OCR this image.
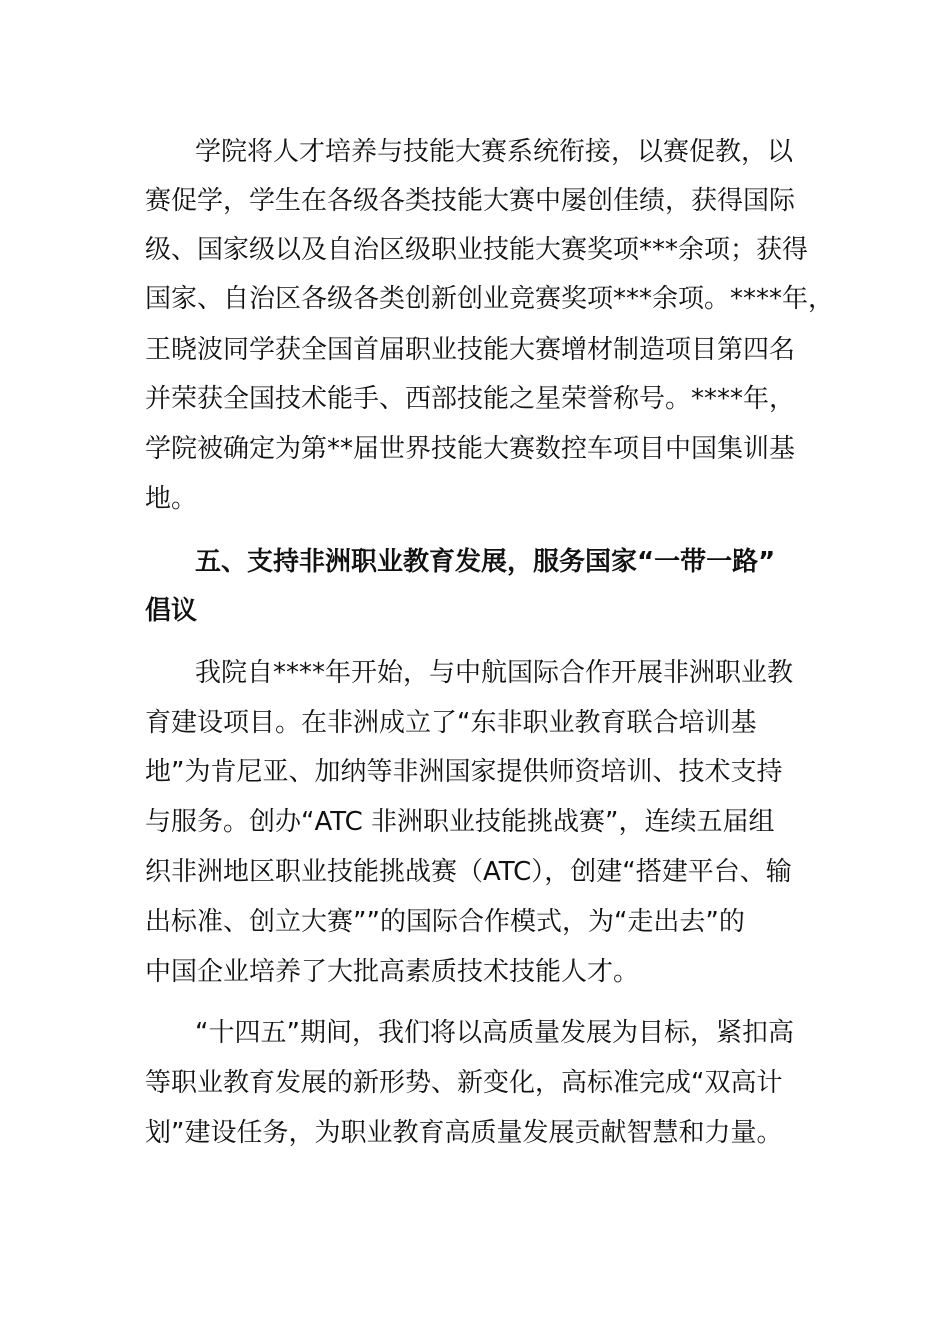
学院将人才培养与技能大赛系统衔接，以赛促教，以
赛促学，学生在各级各类技能大赛中屡创佳绩，获得国际
级、国家级以及自治区级职业技能大赛奖项***余项；获得
国家、自治区各级各类创新创业竞赛奖项***余项。****年，
王晓波同学获全国首届职业技能大赛增材制造项目第四名
并荣获全国技术能手、西部技能之星荣誉称号。****年，
学院被确定为第**届世界技能大赛数控车项目中国集训基
地。
五、支持非洲职业教育发展，服务国家“一带一路”
倡议
我院自****年开始，与中航国际合作开展非洲职业教
育建设项目。在非洲成立了“东非职业教育联合培训基
地”为肯尼亚、加纳等非洲国家提供师资培训、技术支持
与服务。创办“ATC 非洲职业技能挑战赛”，连续五届组
织非洲地区职业技能挑战赛（ATC），创建“搭建平台、输
出标准、创立大赛””的国际合作模式，为“走出去”的
中国企业培养了大批高素质技术技能人才。
“十四五”期间，我们将以高质量发展为目标，紧扣高
等职业教育发展的新形势、新变化，高标准完成“双高计
划”建设任务，为职业教育高质量发展贡献智慧和力量。
